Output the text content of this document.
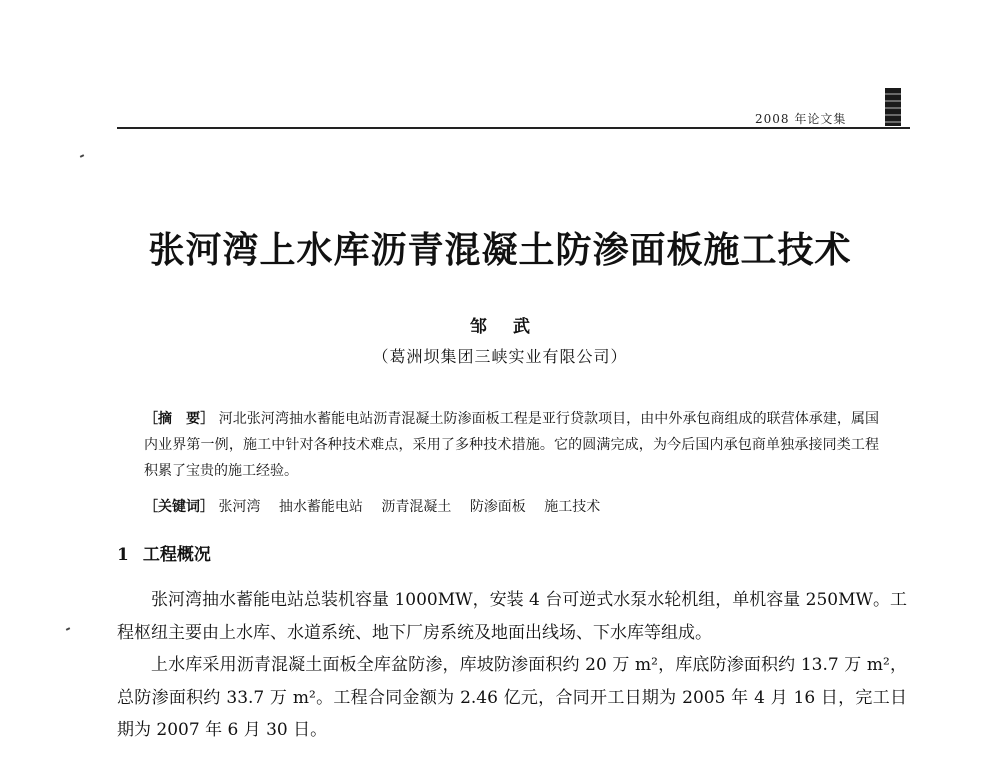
2008 年论文集
张河湾上水库沥青混凝土防渗面板施工技术
邹 武
（葛洲坝集团三峡实业有限公司）
［摘　要］ 河北张河湾抽水蓄能电站沥青混凝土防渗面板工程是亚行贷款项目，由中外承包商组成的联营体承建，属国内业界第一例，施工中针对各种技术难点，采用了多种技术措施。它的圆满完成，为今后国内承包商单独承接同类工程积累了宝贵的施工经验。
［关键词］ 张河湾 抽水蓄能电站 沥青混凝土 防渗面板 施工技术
1 工程概况

张河湾抽水蓄能电站总装机容量 1000MW，安装 4 台可逆式水泵水轮机组，单机容量 250MW。工程枢纽主要由上水库、水道系统、地下厂房系统及地面出线场、下水库等组成。

上水库采用沥青混凝土面板全库盆防渗，库坡防渗面积约 20 万 m²，库底防渗面积约 13.7 万 m²，总防渗面积约 33.7 万 m²。工程合同金额为 2.46 亿元，合同开工日期为 2005 年 4 月 16 日，完工日期为 2007 年 6 月 30 日。
